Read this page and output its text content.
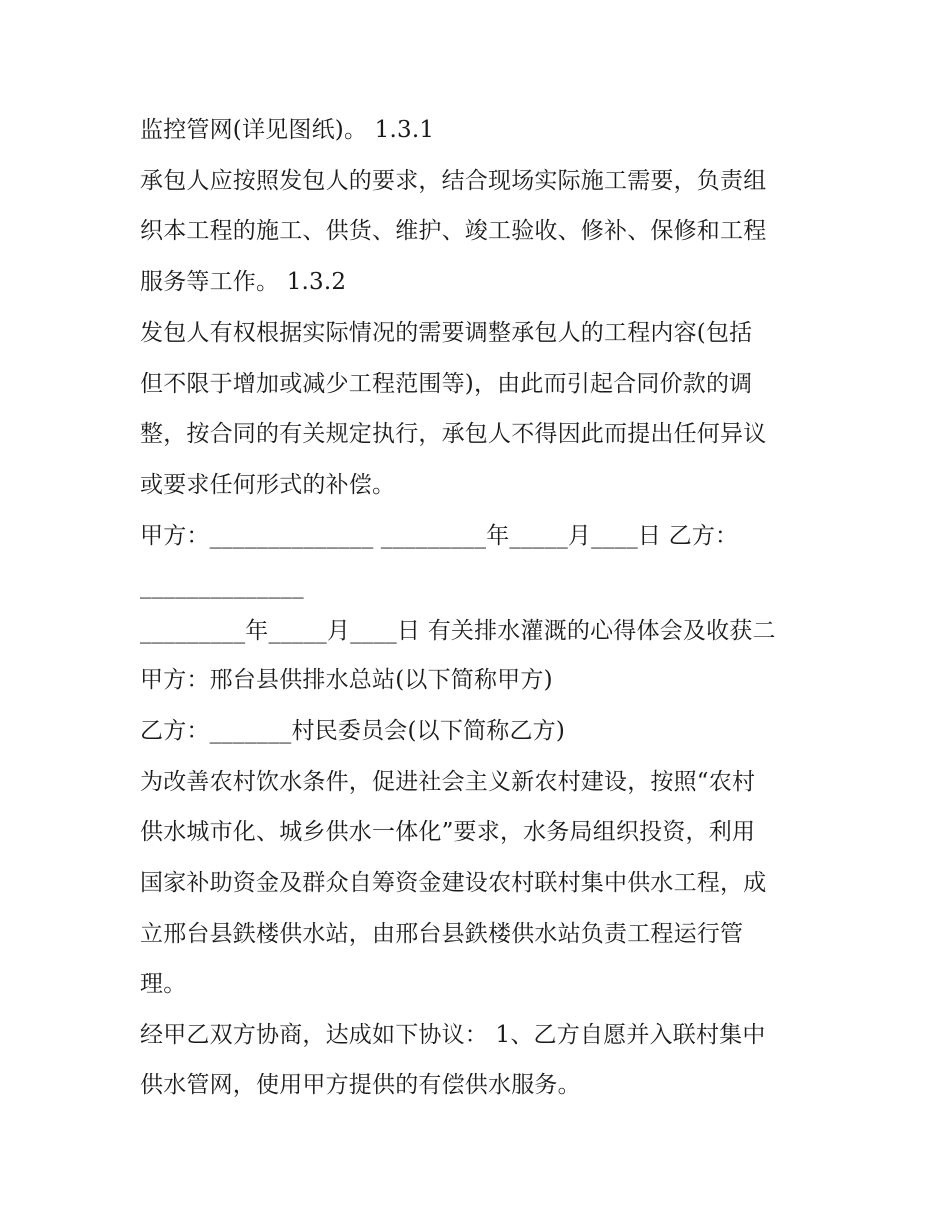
监控管网(详见图纸)。 1.3.1
承包人应按照发包人的要求，结合现场实际施工需要，负责组
织本工程的施工、供货、维护、竣工验收、修补、保修和工程
服务等工作。 1.3.2
发包人有权根据实际情况的需要调整承包人的工程内容(包括
但不限于增加或减少工程范围等)，由此而引起合同价款的调
整，按合同的有关规定执行，承包人不得因此而提出任何异议
或要求任何形式的补偿。
甲方：______________ _________年_____月____日 乙方：
______________
_________年_____月____日 有关排水灌溉的心得体会及收获二
甲方：邢台县供排水总站(以下简称甲方)
乙方：_______村民委员会(以下简称乙方)
为改善农村饮水条件，促进社会主义新农村建设，按照“农村
供水城市化、城乡供水一体化”要求，水务局组织投资，利用
国家补助资金及群众自筹资金建设农村联村集中供水工程，成
立邢台县鉄楼供水站，由邢台县鉄楼供水站负责工程运行管
理。
经甲乙双方协商，达成如下协议： 1、乙方自愿并入联村集中
供水管网，使用甲方提供的有偿供水服务。
